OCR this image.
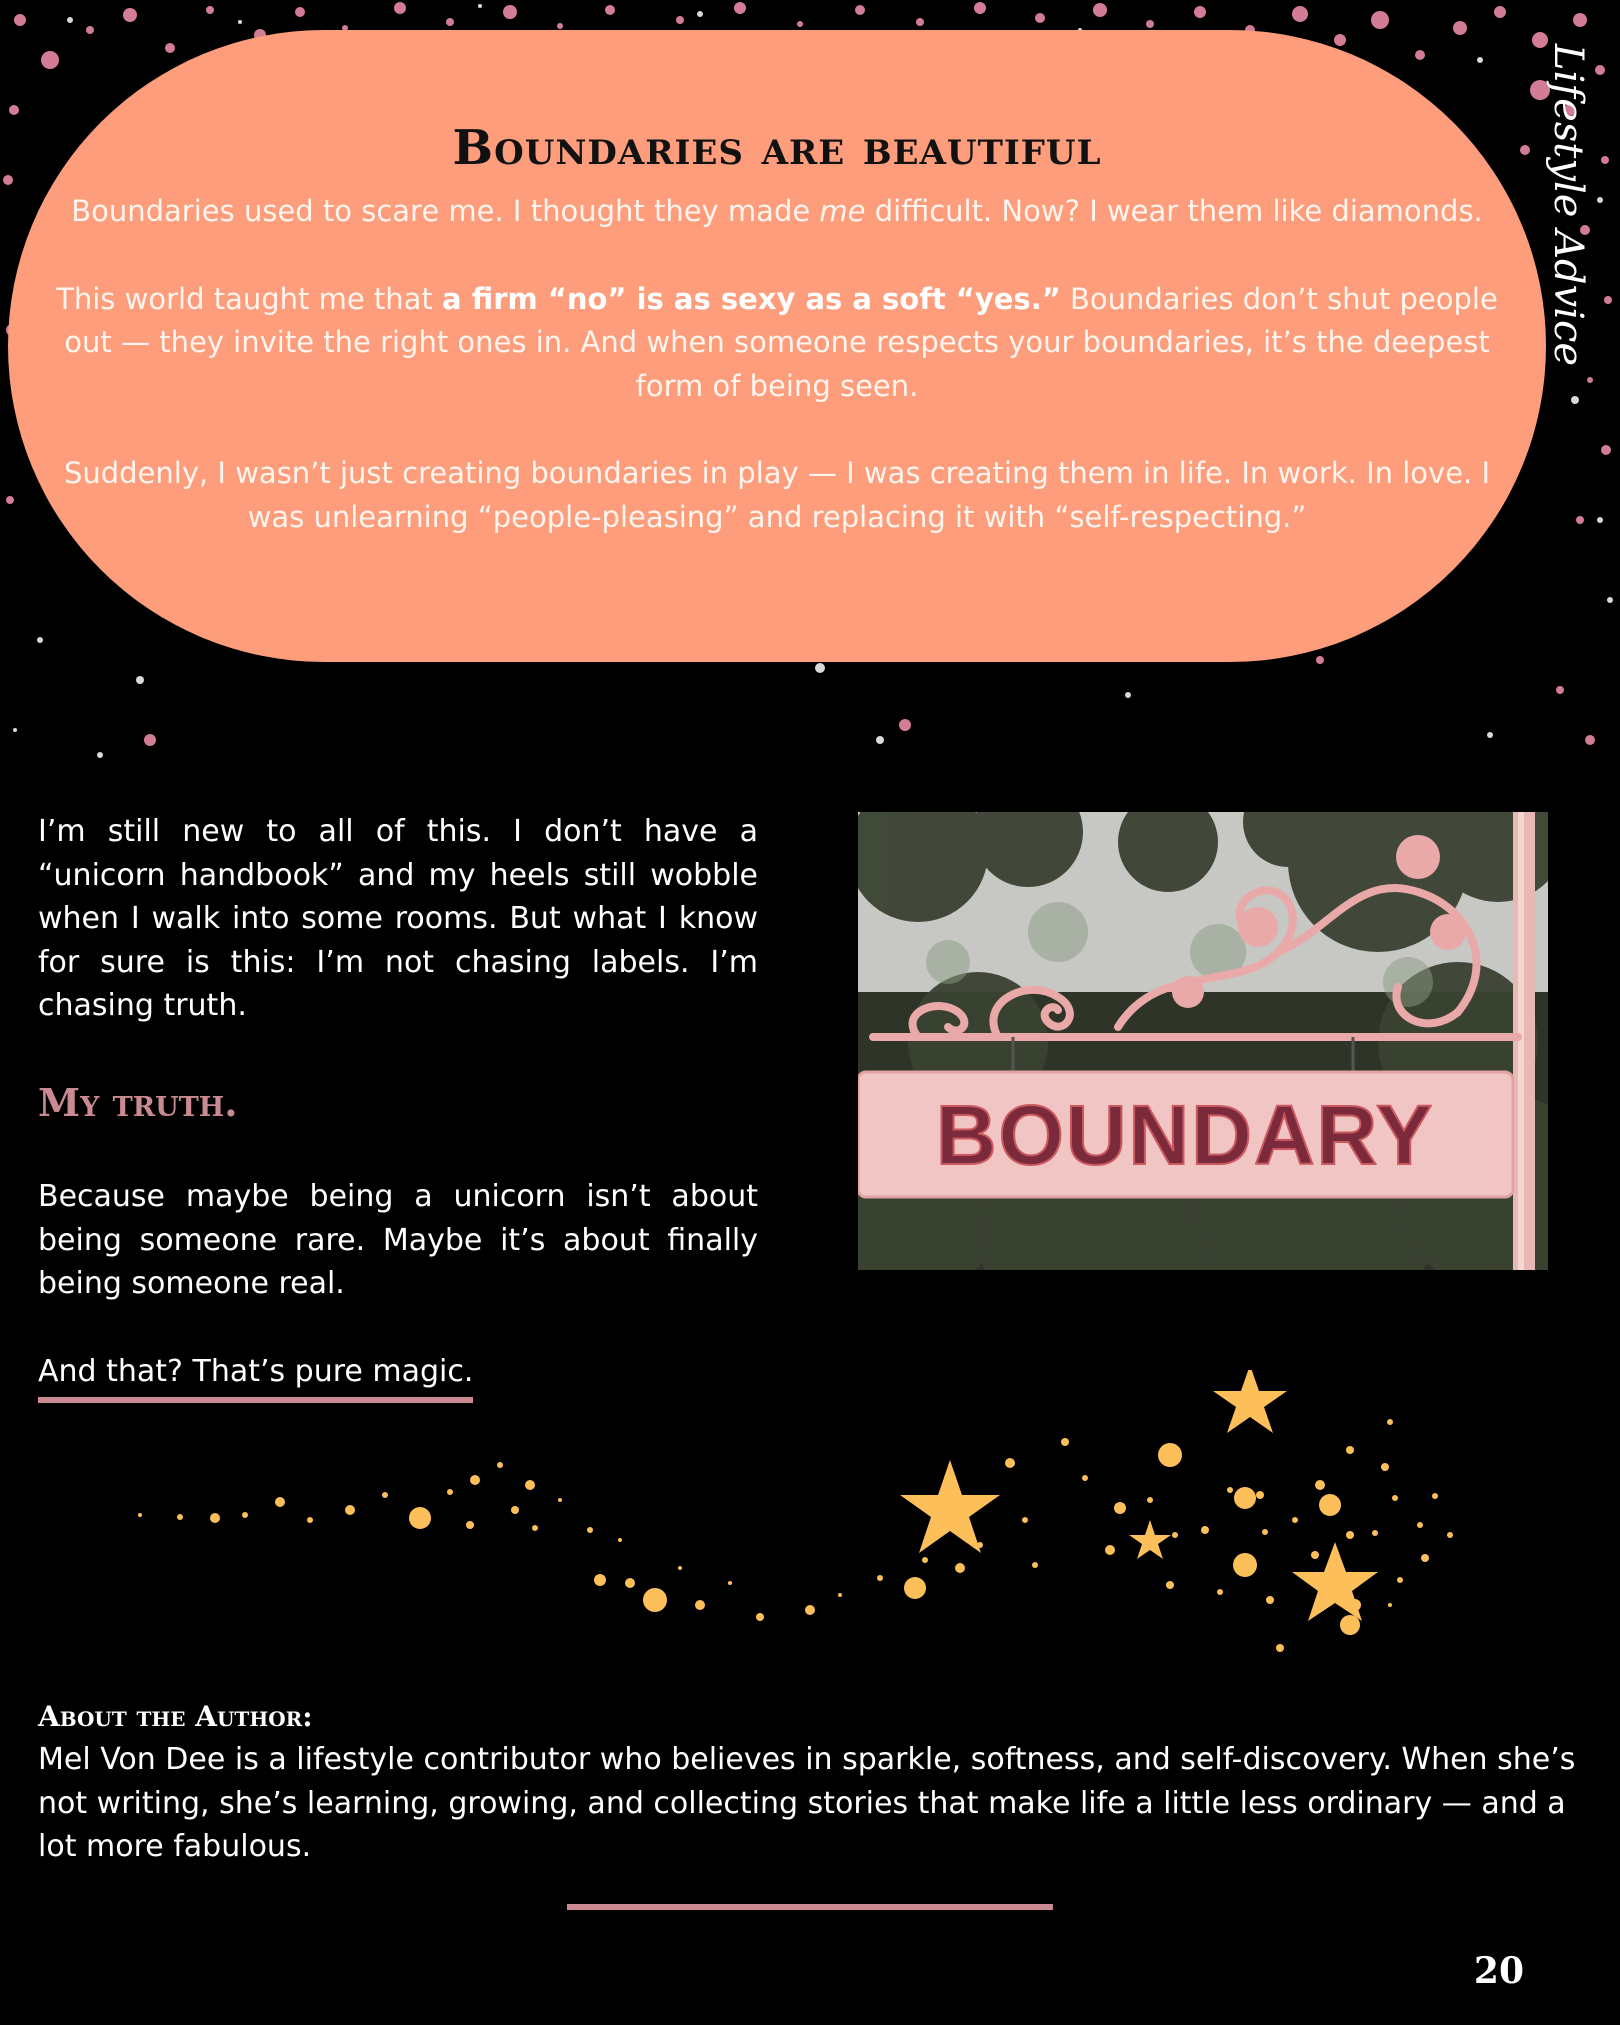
Lifestyle Advice
Boundaries are beautiful

Boundaries used to scare me. I thought they made me difficult. Now? I wear them like diamonds.

This world taught me that a firm “no” is as sexy as a soft “yes.” Boundaries don’t shut people out — they invite the right ones in. And when someone respects your boundaries, it’s the deepest form of being seen.

Suddenly, I wasn’t just creating boundaries in play — I was creating them in life. In work. In love. I was unlearning “people-pleasing” and replacing it with “self-respecting.”

I’m still new to all of this. I don’t have a “unicorn handbook” and my heels still wobble when I walk into some rooms. But what I know for sure is this: I’m not chasing labels. I’m chasing truth.

My truth.

Because maybe being a unicorn isn’t about being someone rare. Maybe it’s about finally being someone real.

And that? That’s pure magic.
BOUNDARY
About the Author:
Mel Von Dee is a lifestyle contributor who believes in sparkle, softness, and self-discovery. When she’s not writing, she’s learning, growing, and collecting stories that make life a little less ordinary — and a lot more fabulous.
20
